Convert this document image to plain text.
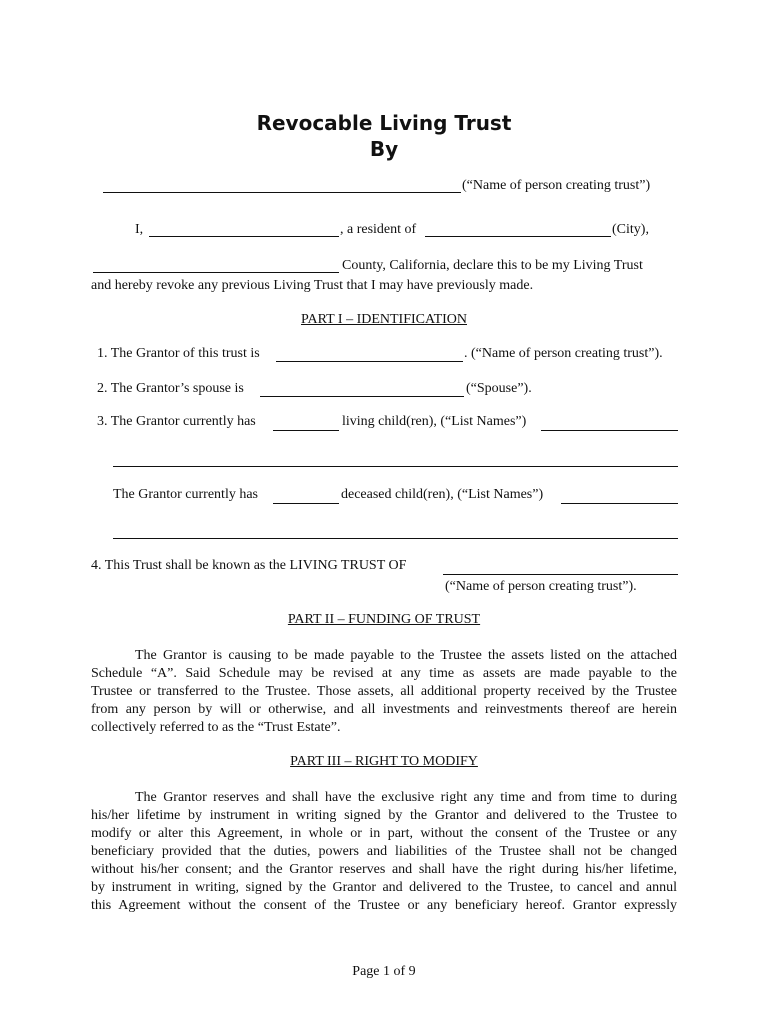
Revocable Living Trust
By
(“Name of person creating trust”)
I,	, a resident of	(City),
County, California, declare this to be my Living Trust
and hereby revoke any previous Living Trust that I may have previously made.
PART I – IDENTIFICATION
1. The Grantor of this trust is	. (“Name of person creating trust”).
2. The Grantor’s spouse is	(“Spouse”).
3. The Grantor currently has	living child(ren), (“List Names”)
The Grantor currently has	deceased child(ren), (“List Names”)
4. This Trust shall be known as the LIVING TRUST OF
(“Name of person creating trust”).
PART II – FUNDING OF TRUST
The Grantor is causing to be made payable to the Trustee the assets listed on the attached
Schedule “A”. Said Schedule may be revised at any time as assets are made payable to the
Trustee or transferred to the Trustee. Those assets, all additional property received by the Trustee
from any person by will or otherwise, and all investments and reinvestments thereof are herein
collectively referred to as the “Trust Estate”.
PART III – RIGHT TO MODIFY
The Grantor reserves and shall have the exclusive right any time and from time to during
his/her lifetime by instrument in writing signed by the Grantor and delivered to the Trustee to
modify or alter this Agreement, in whole or in part, without the consent of the Trustee or any
beneficiary provided that the duties, powers and liabilities of the Trustee shall not be changed
without his/her consent; and the Grantor reserves and shall have the right during his/her lifetime,
by instrument in writing, signed by the Grantor and delivered to the Trustee, to cancel and annul
this Agreement without the consent of the Trustee or any beneficiary hereof. Grantor expressly
Page 1 of 9
